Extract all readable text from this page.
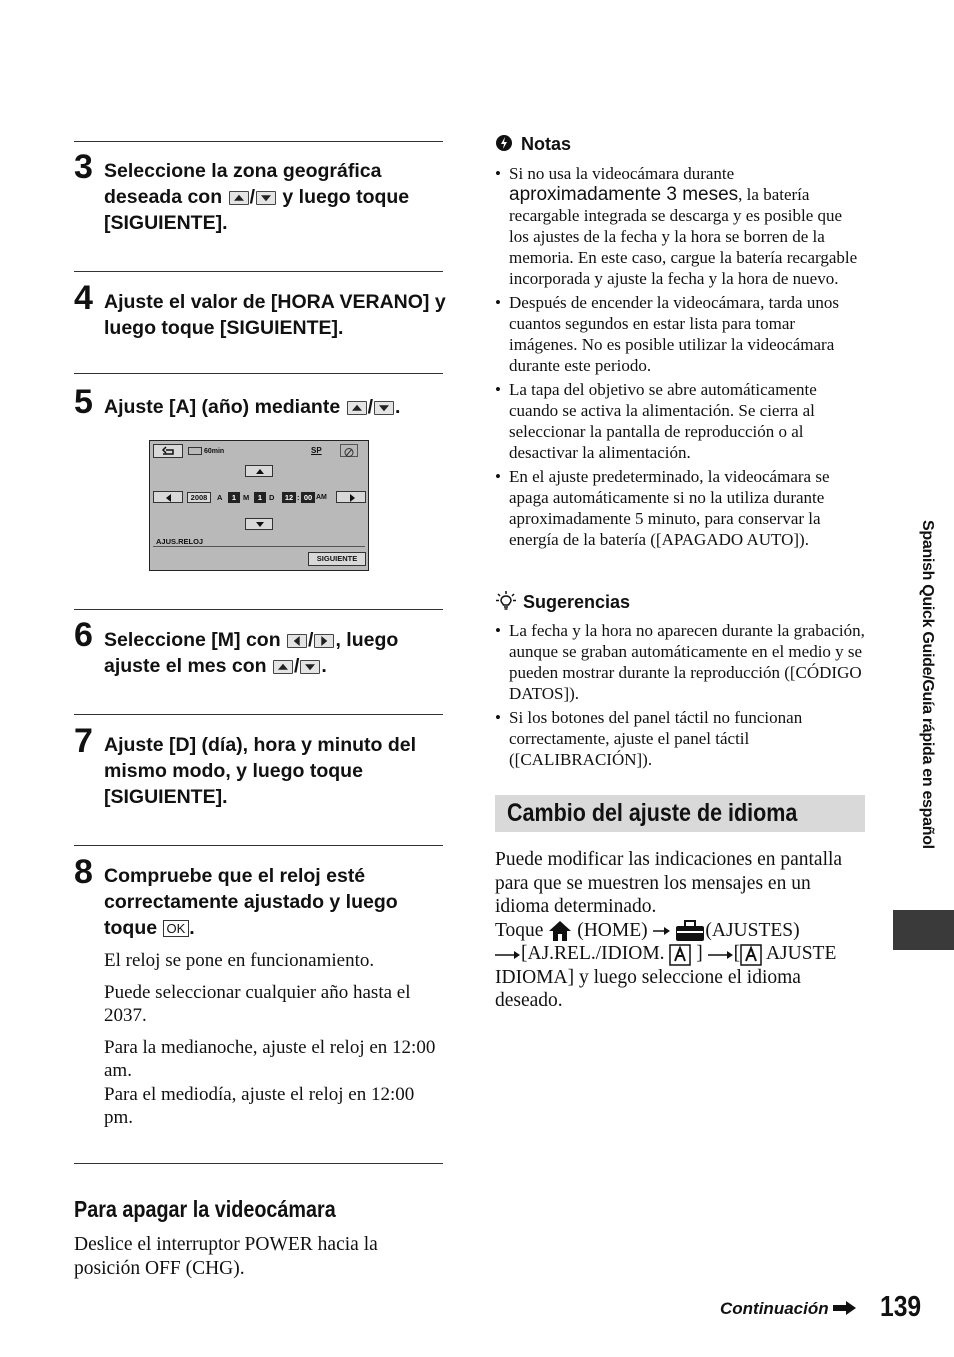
3 Seleccione la zona geográfica deseada con / y luego toque [SIGUIENTE].
4 Ajuste el valor de [HORA VERANO] y luego toque [SIGUIENTE].
5 Ajuste [A] (año) mediante / .
60min	SP
2008	A	1 M	1 D	12 : 00 AM
AJUS.RELOJ
SIGUIENTE
6 Seleccione [M] con / , luego ajuste el mes con / .
7 Ajuste [D] (día), hora y minuto del mismo modo, y luego toque [SIGUIENTE].
8 Compruebe que el reloj esté correctamente ajustado y luego toque OK .
El reloj se pone en funcionamiento.
Puede seleccionar cualquier año hasta el 2037.
Para la medianoche, ajuste el reloj en 12:00 am.
Para el mediodía, ajuste el reloj en 12:00 pm.
Para apagar la videocámara
Deslice el interruptor POWER hacia la posición OFF (CHG).
Notas
• Si no usa la videocámara durante
aproximadamente 3 meses, la batería recargable integrada se descarga y es posible que los ajustes de la fecha y la hora se borren de la memoria. En este caso, cargue la batería recargable incorporada y ajuste la fecha y la hora de nuevo.
• Después de encender la videocámara, tarda unos cuantos segundos en estar lista para tomar imágenes. No es posible utilizar la videocámara durante este periodo.
• La tapa del objetivo se abre automáticamente cuando se activa la alimentación. Se cierra al seleccionar la pantalla de reproducción o al desactivar la alimentación.
• En el ajuste predeterminado, la videocámara se apaga automáticamente si no la utiliza durante aproximadamente 5 minuto, para conservar la energía de la batería ([APAGADO AUTO]).
Sugerencias
• La fecha y la hora no aparecen durante la grabación, aunque se graban automáticamente en el medio y se pueden mostrar durante la reproducción ([CÓDIGO DATOS]).
• Si los botones del panel táctil no funcionan correctamente, ajuste el panel táctil ([CALIBRACIÓN]).
Cambio del ajuste de idioma
Puede modificar las indicaciones en pantalla para que se muestren los mensajes en un idioma determinado.
Toque  (HOME)	(AJUSTES)
[AJ.REL./IDIOM. ] [ AJUSTE IDIOMA] y luego seleccione el idioma deseado.
Spanish Quick Guide/Guía rápida en español
Continuación	139
